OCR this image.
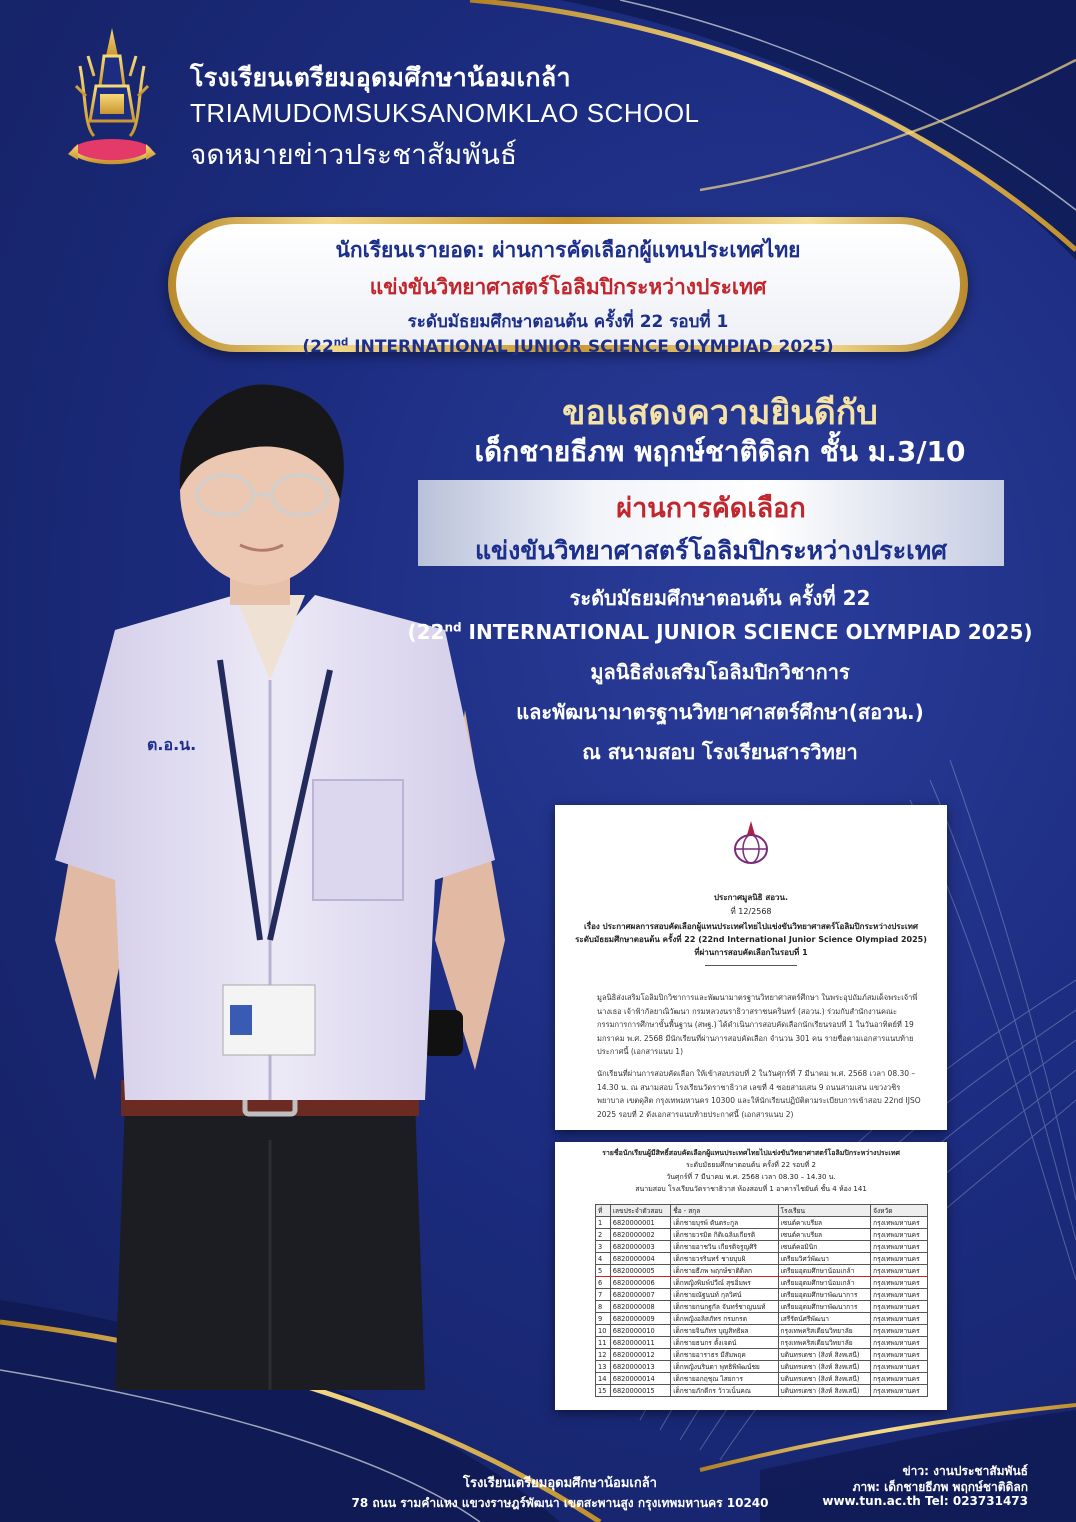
โรงเรียนเตรียมอุดมศึกษาน้อมเกล้า
TRIAMUDOMSUKSANOMKLAO SCHOOL
จดหมายข่าวประชาสัมพันธ์
นักเรียนเรายอด: ผ่านการคัดเลือกผู้แทนประเทศไทย
แข่งขันวิทยาศาสตร์โอลิมปิกระหว่างประเทศ
ระดับมัธยมศึกษาตอนต้น ครั้งที่ 22 รอบที่ 1
(22nd INTERNATIONAL JUNIOR SCIENCE OLYMPIAD 2025)
ต.อ.น.
ขอแสดงความยินดีกับ
เด็กชายธีภพ พฤกษ์ชาติดิลก ชั้น ม.3/10
ผ่านการคัดเลือก
แข่งขันวิทยาศาสตร์โอลิมปิกระหว่างประเทศ
ระดับมัธยมศึกษาตอนต้น ครั้งที่ 22
(22nd INTERNATIONAL JUNIOR SCIENCE OLYMPIAD 2025)
มูลนิธิส่งเสริมโอลิมปิกวิชาการ
และพัฒนามาตรฐานวิทยาศาสตร์ศึกษา(สอวน.)
ณ สนามสอบ โรงเรียนสารวิทยา
ประกาศมูลนิธิ สอวน.
ที่ 12/2568
เรื่อง ประกาศผลการสอบคัดเลือกผู้แทนประเทศไทยไปแข่งขันวิทยาศาสตร์โอลิมปิกระหว่างประเทศ
ระดับมัธยมศึกษาตอนต้น ครั้งที่ 22 (22nd International Junior Science Olympiad 2025)
ที่ผ่านการสอบคัดเลือกในรอบที่ 1
มูลนิธิส่งเสริมโอลิมปิกวิชาการและพัฒนามาตรฐานวิทยาศาสตร์ศึกษา ในพระอุปถัมภ์สมเด็จพระเจ้าพี่นางเธอ เจ้าฟ้ากัลยาณิวัฒนา กรมหลวงนราธิวาสราชนครินทร์ (สอวน.) ร่วมกับสำนักงานคณะกรรมการการศึกษาขั้นพื้นฐาน (สพฐ.) ได้ดำเนินการสอบคัดเลือกนักเรียนรอบที่ 1 ในวันอาทิตย์ที่ 19 มกราคม พ.ศ. 2568 มีนักเรียนที่ผ่านการสอบคัดเลือก จำนวน 301 คน รายชื่อตามเอกสารแนบท้ายประกาศนี้ (เอกสารแนบ 1)
นักเรียนที่ผ่านการสอบคัดเลือก ให้เข้าสอบรอบที่ 2 ในวันศุกร์ที่ 7 มีนาคม พ.ศ. 2568 เวลา 08.30 – 14.30 น. ณ สนามสอบ โรงเรียนวัดราชาธิวาส เลขที่ 4 ซอยสามเสน 9 ถนนสามเสน แขวงวชิรพยาบาล เขตดุสิต กรุงเทพมหานคร 10300 และให้นักเรียนปฏิบัติตามระเบียบการเข้าสอบ 22nd IJSO 2025 รอบที่ 2 ดังเอกสารแนบท้ายประกาศนี้ (เอกสารแนบ 2)
รายชื่อนักเรียนผู้มีสิทธิ์สอบคัดเลือกผู้แทนประเทศไทยไปแข่งขันวิทยาศาสตร์โอลิมปิกระหว่างประเทศ
ระดับมัธยมศึกษาตอนต้น ครั้งที่ 22 รอบที่ 2
วันศุกร์ที่ 7 มีนาคม พ.ศ. 2568 เวลา 08.30 – 14.30 น.
สนามสอบ โรงเรียนวัดราชาธิวาส ห้องสอบที่ 1 อาคารไชยันต์ ชั้น 4 ห้อง 141
ที่	เลขประจำตัวสอบ	ชื่อ - สกุล	โรงเรียน	จังหวัด
1	6820000001	เด็กชายบุรพ์ ตันตระกูล	เซนต์คาเบรียล	กรุงเทพมหานคร
2	6820000002	เด็กชายวรมิต กิติเฉลิมเกียรติ	เซนต์คาเบรียล	กรุงเทพมหานคร
3	6820000003	เด็กชายอาชวิน เกียรติจรูญศิริ	เซนต์คอมินิก	กรุงเทพมหานคร
4	6820000004	เด็กชายวรรินทร์ ชายบุบผิ	เตรียมวิศว์พัฒนา	กรุงเทพมหานคร
5	6820000005	เด็กชายธีภพ พฤกษ์ชาติดิลก	เตรียมอุดมศึกษาน้อมเกล้า	กรุงเทพมหานคร
6	6820000006	เด็กหญิงพิมพ์ปวีณ์ สุขอิ่มพร	เตรียมอุดมศึกษาน้อมเกล้า	กรุงเทพมหานคร
7	6820000007	เด็กชายณัฐนนท์ กุลวิศน์	เตรียมอุดมศึกษาพัฒนาการ	กรุงเทพมหานคร
8	6820000008	เด็กชายกนกฐกัล จันทร์ชาญนนท์	เตรียมอุดมศึกษาพัฒนาการ	กรุงเทพมหานคร
9	6820000009	เด็กหญิงอลิสภัทร กรมกรด	เสรีรัตน์ศรีพัฒนา	กรุงเทพมหานคร
10	6820000010	เด็กชายจินภัทร บุญสิทธิผล	กรุงเทพคริสเตียนวิทยาลัย	กรุงเทพมหานคร
11	6820000011	เด็กชายธนกร ตั้งเจตน์	กรุงเทพคริสเตียนวิทยาลัย	กรุงเทพมหานคร
12	6820000012	เด็กชายอาราธร มีสัมพฤค	บดินทรเดชา (สิงห์ สิงหเสนี)	กรุงเทพมหานคร
13	6820000013	เด็กหญิงนรินดา พุทธิพิพัฒน์ชย	บดินทรเดชา (สิงห์ สิงหเสนี)	กรุงเทพมหานคร
14	6820000014	เด็กชายอกฤชุณ ไสยการ	บดินทรเดชา (สิงห์ สิงหเสนี)	กรุงเทพมหานคร
15	6820000015	เด็กชายภักดีกร ว้าวเน็นคณ	บดินทรเดชา (สิงห์ สิงหเสนี)	กรุงเทพมหานคร
โรงเรียนเตรียมอุดมศึกษาน้อมเกล้า
78 ถนน รามคำแหง แขวงราษฎร์พัฒนา เขตสะพานสูง กรุงเทพมหานคร 10240
ข่าว: งานประชาสัมพันธ์
ภาพ: เด็กชายธีภพ พฤกษ์ชาติดิลก
www.tun.ac.th Tel: 023731473
